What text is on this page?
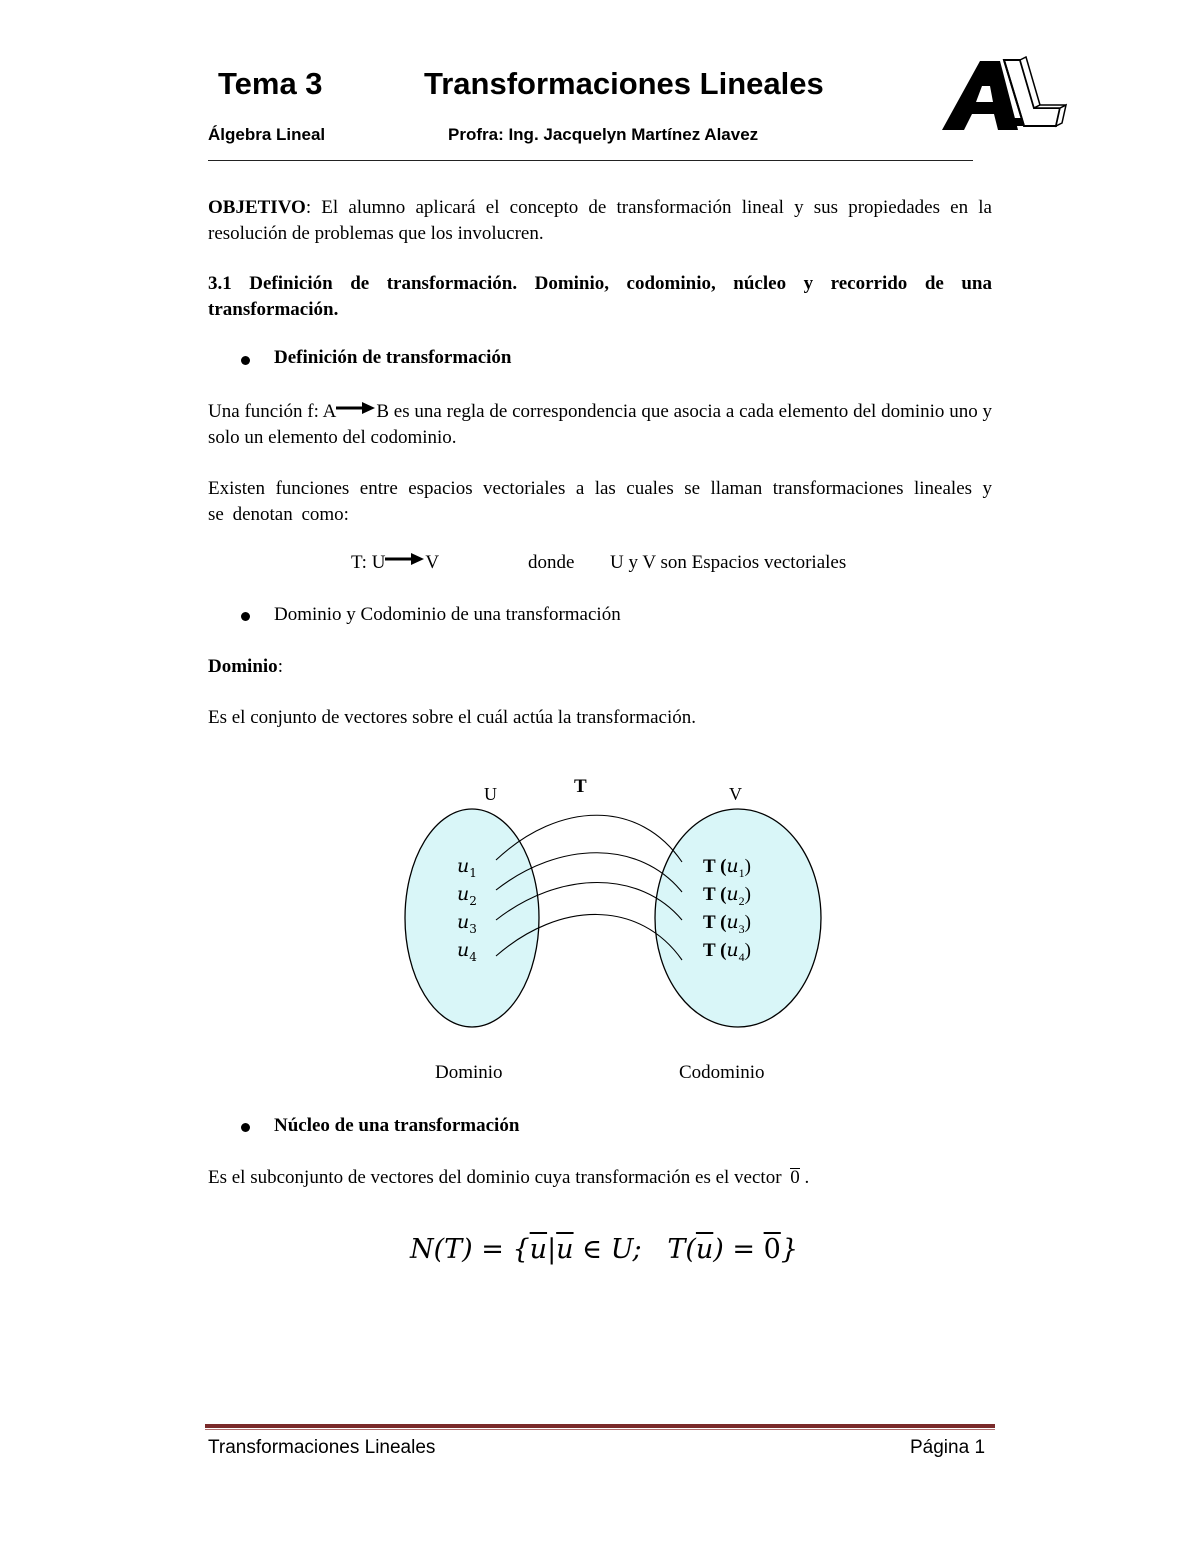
Tema 3	Transformaciones Lineales
Álgebra Lineal	Profra: Ing. Jacquelyn Martínez Alavez
OBJETIVO: El alumno aplicará el concepto de transformación lineal y sus propiedades en la resolución de problemas que los involucren.
3.1 Definición de transformación. Dominio, codominio, núcleo y recorrido de una transformación.
Definición de transformación
Una función f: A B es una regla de correspondencia que asocia a cada elemento del dominio uno y solo un elemento del codominio.
Existen funciones entre espacios vectoriales a las cuales se llaman transformaciones lineales y se denotan como:
T: U V	donde U y V son Espacios vectoriales
Dominio y Codominio de una transformación
Dominio:
Es el conjunto de vectores sobre el cuál actúa la transformación.
U	T	V
$u_1$
$u_2$
$u_3$
$u_4$
T $(u_1)$
T $(u_2)$
T $(u_3)$
T $(u_4)$
Dominio	Codominio
Núcleo de una transformación
Es el subconjunto de vectores del dominio cuya transformación es el vector 0 .
$N(T) = \{\overline{u}|\overline{u}$ ∈ U;   $T(\overline{u}) = 0$}
Transformaciones Lineales	Página 1
